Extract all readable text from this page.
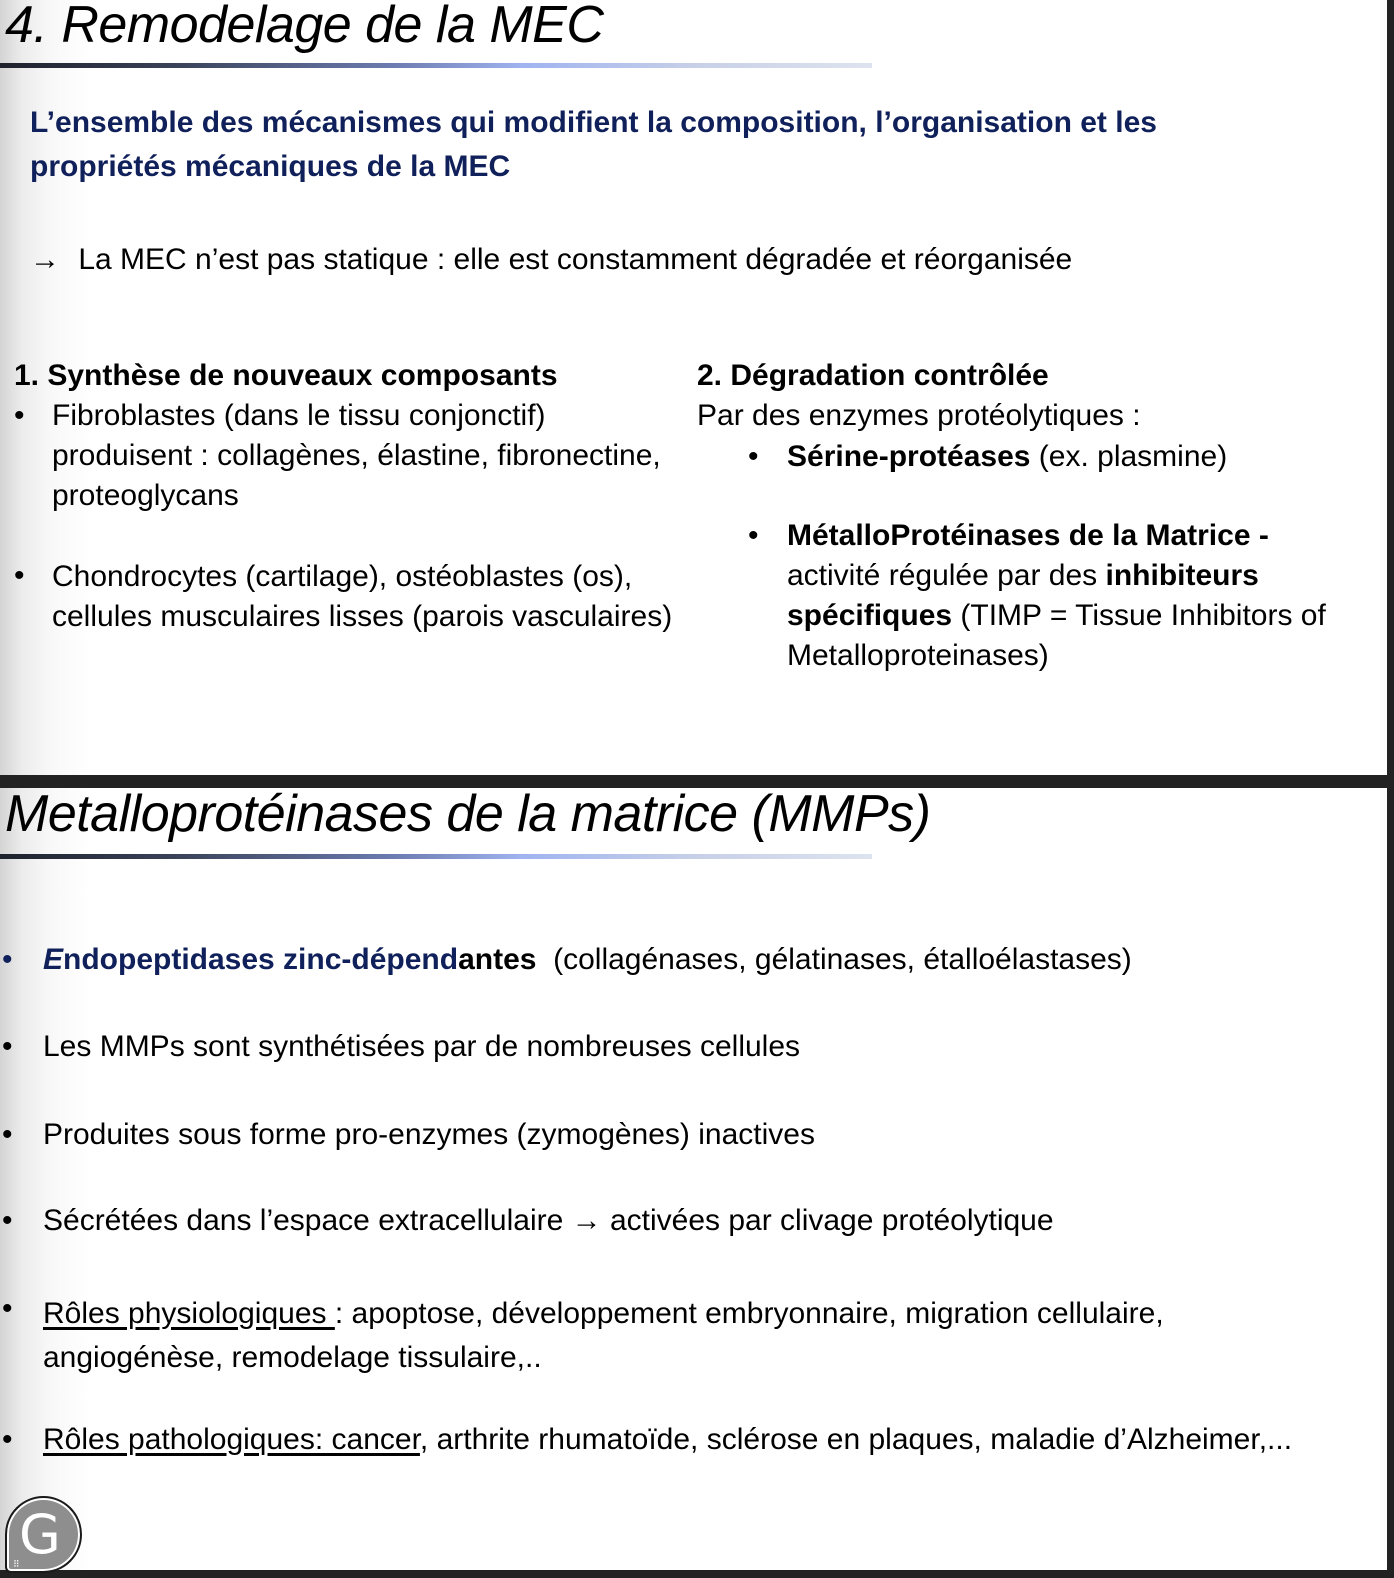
4. Remodelage de la MEC
L’ensemble des mécanismes qui modifient la composition, l’organisation et les
propriétés mécaniques de la MEC
→ La MEC n’est pas statique : elle est constamment dégradée et réorganisée
1. Synthèse de nouveaux composants
• Fibroblastes (dans le tissu conjonctif)
produisent : collagènes, élastine, fibronectine,
proteoglycans
• Chondrocytes (cartilage), ostéoblastes (os),
cellules musculaires lisses (parois vasculaires)
2. Dégradation contrôlée
Par des enzymes protéolytiques :
• Sérine-protéases (ex. plasmine)
• MétalloProtéinases de la Matrice -
activité régulée par des inhibiteurs
spécifiques (TIMP = Tissue Inhibitors of
Metalloproteinases)
Metalloprotéinases de la matrice (MMPs)
• Endopeptidases zinc-dépendantes  (collagénases, gélatinases, étalloélastases)
• Les MMPs sont synthétisées par de nombreuses cellules
• Produites sous forme pro-enzymes (zymogènes) inactives
• Sécrétées dans l’espace extracellulaire → activées par clivage protéolytique
• Rôles physiologiques : apoptose, développement embryonnaire, migration cellulaire,
angiogénèse, remodelage tissulaire,..
• Rôles pathologiques: cancer, arthrite rhumatoïde, sclérose en plaques, maladie d’Alzheimer,...
G
⠿
